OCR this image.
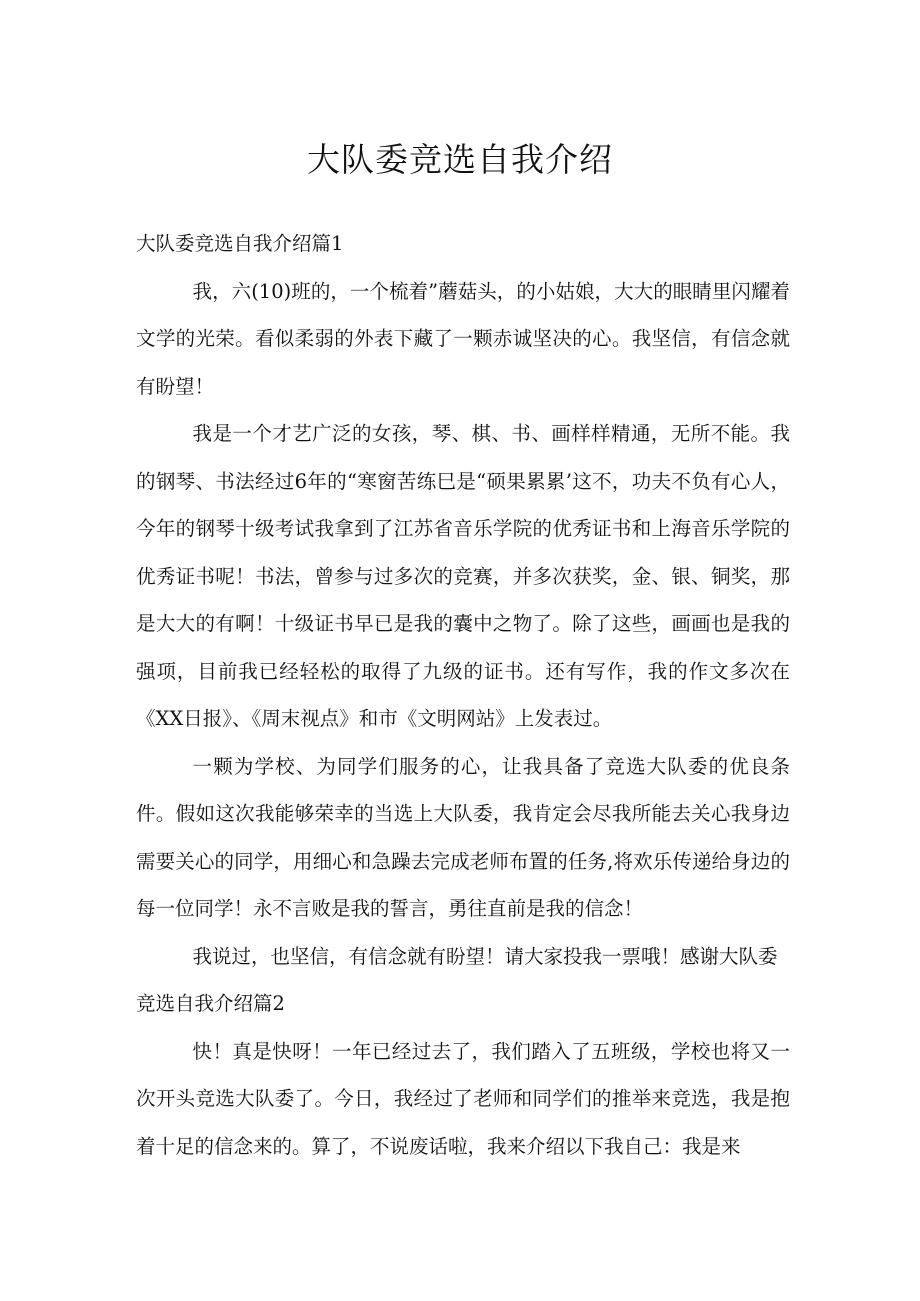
大队委竞选自我介绍

大队委竞选自我介绍篇1

我，六(10)班的，一个梳着”蘑菇头，的小姑娘，大大的眼睛里闪耀着文学的光荣。看似柔弱的外表下藏了一颗赤诚坚决的心。我坚信，有信念就有盼望！

我是一个才艺广泛的女孩，琴、棋、书、画样样精通，无所不能。我的钢琴、书法经过6年的“寒窗苦练巳是“硕果累累’这不，功夫不负有心人，今年的钢琴十级考试我拿到了江苏省音乐学院的优秀证书和上海音乐学院的优秀证书呢！书法，曾参与过多次的竞赛，并多次获奖，金、银、铜奖，那是大大的有啊！十级证书早已是我的囊中之物了。除了这些，画画也是我的强项，目前我已经轻松的取得了九级的证书。还有写作，我的作文多次在《XX日报》、《周末视点》和市《文明网站》上发表过。

一颗为学校、为同学们服务的心，让我具备了竞选大队委的优良条件。假如这次我能够荣幸的当选上大队委，我肯定会尽我所能去关心我身边需要关心的同学，用细心和急躁去完成老师布置的任务,将欢乐传递给身边的每一位同学！永不言败是我的誓言，勇往直前是我的信念！

我说过，也坚信，有信念就有盼望！请大家投我一票哦！感谢大队委

竞选自我介绍篇2

快！真是快呀！一年已经过去了，我们踏入了五班级，学校也将又一次开头竞选大队委了。今日，我经过了老师和同学们的推举来竞选，我是抱着十足的信念来的。算了，不说废话啦，我来介绍以下我自己：我是来
